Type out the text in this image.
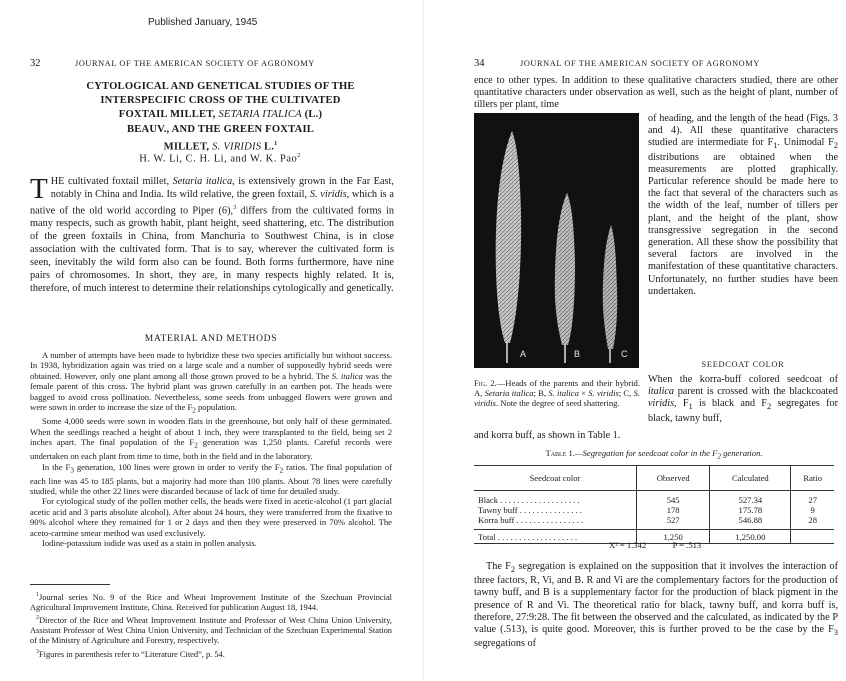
Published January, 1945
32	JOURNAL OF THE AMERICAN SOCIETY OF AGRONOMY
CYTOLOGICAL AND GENETICAL STUDIES OF THE
INTERSPECIFIC CROSS OF THE CULTIVATED
FOXTAIL MILLET, SETARIA ITALICA (L.)
BEAUV., AND THE GREEN FOXTAIL
MILLET, S. VIRIDIS L.$^1$
H. W. Li, C. H. Li, and W. K. Pao$^2$
THE cultivated foxtail millet, Setaria italica, is extensively grown in the Far East, notably in China and India. Its wild relative, the green foxtail, S. viridis, which is a native of the old world according to Piper (6),$^3$ differs from the cultivated forms in many respects, such as growth habit, plant height, seed shattering, etc. The distribution of the green foxtails in China, from Manchuria to Southwest China, is in close association with the cultivated form. That is to say, wherever the cultivated form is seen, inevitably the wild form also can be found. Both forms furthermore, have nine pairs of chromosomes. In short, they are, in many respects highly related. It is, therefore, of much interest to determine their relationships cytologically and genetically.
MATERIAL AND METHODS

A number of attempts have been made to hybridize these two species artificially but without success. In 1938, hybridization again was tried on a large scale and a number of supposedly hybrid seeds were obtained. However, only one plant among all those grown proved to be a hybrid. The S. italica was the female parent of this cross. The hybrid plant was grown carefully in an earthen pot. The heads were bagged to avoid cross pollination. Nevertheless, some seeds from unbagged flowers were grown and were sown in order to increase the size of the $F_2$ population.

Some 4,000 seeds were sown in wooden flats in the greenhouse, but only half of these germinated. When the seedlings reached a height of about 1 inch, they were transplanted to the field, being set 2 inches apart. The final population of the $F_2$ generation was 1,250 plants. Careful records were undertaken on each plant from time to time, both in the field and in the laboratory.

In the $F_3$ generation, 100 lines were grown in order to verify the $F_2$ ratios. The final population of each line was 45 to 185 plants, but a majority had more than 100 plants. About 78 lines were carefully studied, while the other 22 lines were discarded because of lack of time for detailed study.

For cytological study of the pollen mother cells, the heads were fixed in acetic-alcohol (1 part glacial acetic acid and 3 parts absolute alcohol). After about 24 hours, they were transferred from the fixative to 90% alcohol where they remained for 1 or 2 days and then they were preserved in 70% alcohol. The aceto-carmine smear method was used exclusively.

Iodine-potassium iodide was used as a stain in pollen analysis.

$^1$Journal series No. 9 of the Rice and Wheat Improvement Institute of the Szechuan Provincial Agricultural Improvement Institute, China. Received for publication August 18, 1944.

$^2$Director of the Rice and Wheat Improvement Institute and Professor of West China Union University, Assistant Professor of West China Union University, and Technician of the Szechuan Experimental Station of the Ministry of Agriculture and Forestry, respectively.

$^3$Figures in parenthesis refer to “Literature Cited”, p. 54.

34	JOURNAL OF THE AMERICAN SOCIETY OF AGRONOMY
ence to other types. In addition to these qualitative characters studied, there are other quantitative characters under observation as well, such as the height of plant, number of tillers per plant, time
A	B	C
Fig. 2.—Heads of the parents and their hybrid. A, Setaria italica; B, S. italica × S. viridis; C, S. viridis. Note the degree of seed shattering.
of heading, and the length of the head (Figs. 3 and 4). All these quantitative characters studied are intermediate for $F_1$. Unimodal $F_2$ distributions are obtained when the measurements are plotted graphically. Particular reference should be made here to the fact that several of the characters such as the width of the leaf, number of tillers per plant, and the height of the plant, show transgressive segregation in the second generation. All these show the possibility that several factors are involved in the manifestation of these quantitative characters. Unfortunately, no further studies have been undertaken.
SEEDCOAT COLOR
When the korra-buff colored seedcoat of italica parent is crossed with the blackcoated viridis, $F_1$ is black and $F_2$ segregates for black, tawny buff,
and korra buff, as shown in Table 1.
Table 1.—Segregation for seedcoat color in the $F_2$ generation.
Seedcoat color	Observed	Calculated	Ratio

Black . . . . . . . . . . . . . . . . . . .	545	527.34	27
Tawny buff . . . . . . . . . . . . . . .	178	175.78	9
Korra buff . . . . . . . . . . . . . . . .	527	546.88	28

Total . . . . . . . . . . . . . . . . . . .	1,250	1,250.00	
X² = 1.342	P = .513
The $F_2$ segregation is explained on the supposition that it involves the interaction of three factors, R, Vi, and B. R and Vi are the complementary factors for the production of tawny buff, and B is a supplementary factor for the production of black pigment in the presence of R and Vi. The theoretical ratio for black, tawny buff, and korra buff is, therefore, 27:9:28. The fit between the observed and the calculated, as indicated by the P value (.513), is quite good. Moreover, this is further proved to be the case by the $F_3$ segregations of
